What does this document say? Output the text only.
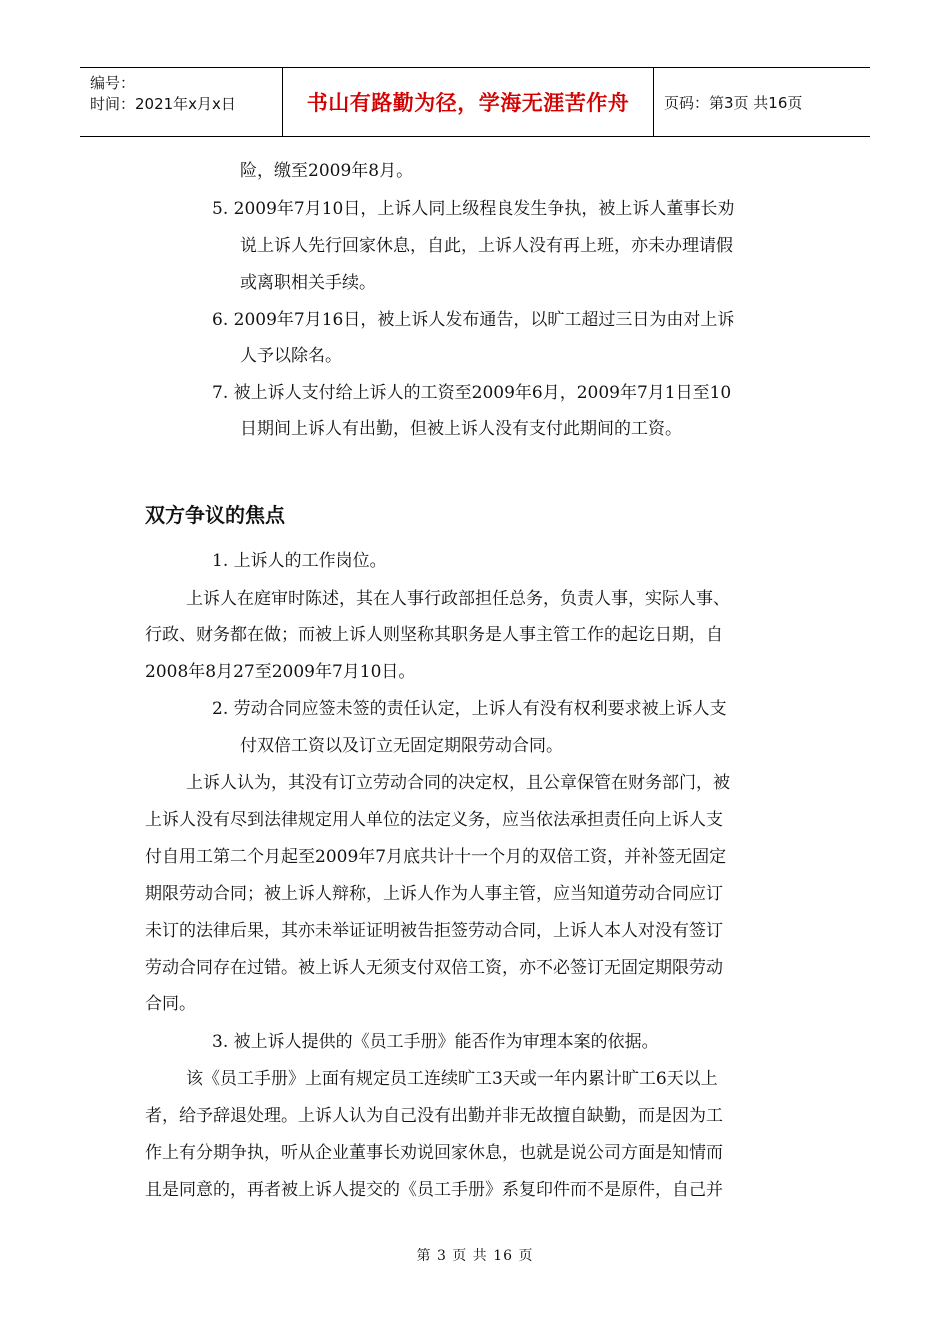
编号：
时间：2021年x月x日	书山有路勤为径，学海无涯苦作舟	页码：第3页 共16页
险，缴至2009年8月。
5. 2009年7月10日，上诉人同上级程良发生争执，被上诉人董事长劝
说上诉人先行回家休息，自此，上诉人没有再上班，亦未办理请假
或离职相关手续。
6. 2009年7月16日，被上诉人发布通告，以旷工超过三日为由对上诉
人予以除名。
7. 被上诉人支付给上诉人的工资至2009年6月，2009年7月1日至10
日期间上诉人有出勤，但被上诉人没有支付此期间的工资。
双方争议的焦点
1. 上诉人的工作岗位。
上诉人在庭审时陈述，其在人事行政部担任总务，负责人事，实际人事、
行政、财务都在做；而被上诉人则坚称其职务是人事主管工作的起讫日期，自
2008年8月27至2009年7月10日。
2. 劳动合同应签未签的责任认定，上诉人有没有权利要求被上诉人支
付双倍工资以及订立无固定期限劳动合同。
上诉人认为，其没有订立劳动合同的决定权，且公章保管在财务部门，被
上诉人没有尽到法律规定用人单位的法定义务，应当依法承担责任向上诉人支
付自用工第二个月起至2009年7月底共计十一个月的双倍工资，并补签无固定
期限劳动合同；被上诉人辩称，上诉人作为人事主管，应当知道劳动合同应订
未订的法律后果，其亦未举证证明被告拒签劳动合同，上诉人本人对没有签订
劳动合同存在过错。被上诉人无须支付双倍工资，亦不必签订无固定期限劳动
合同。
3. 被上诉人提供的《员工手册》能否作为审理本案的依据。
该《员工手册》上面有规定员工连续旷工3天或一年内累计旷工6天以上
者，给予辞退处理。上诉人认为自己没有出勤并非无故擅自缺勤，而是因为工
作上有分期争执，听从企业董事长劝说回家休息，也就是说公司方面是知情而
且是同意的，再者被上诉人提交的《员工手册》系复印件而不是原件，自己并
第 3 页 共 16 页
